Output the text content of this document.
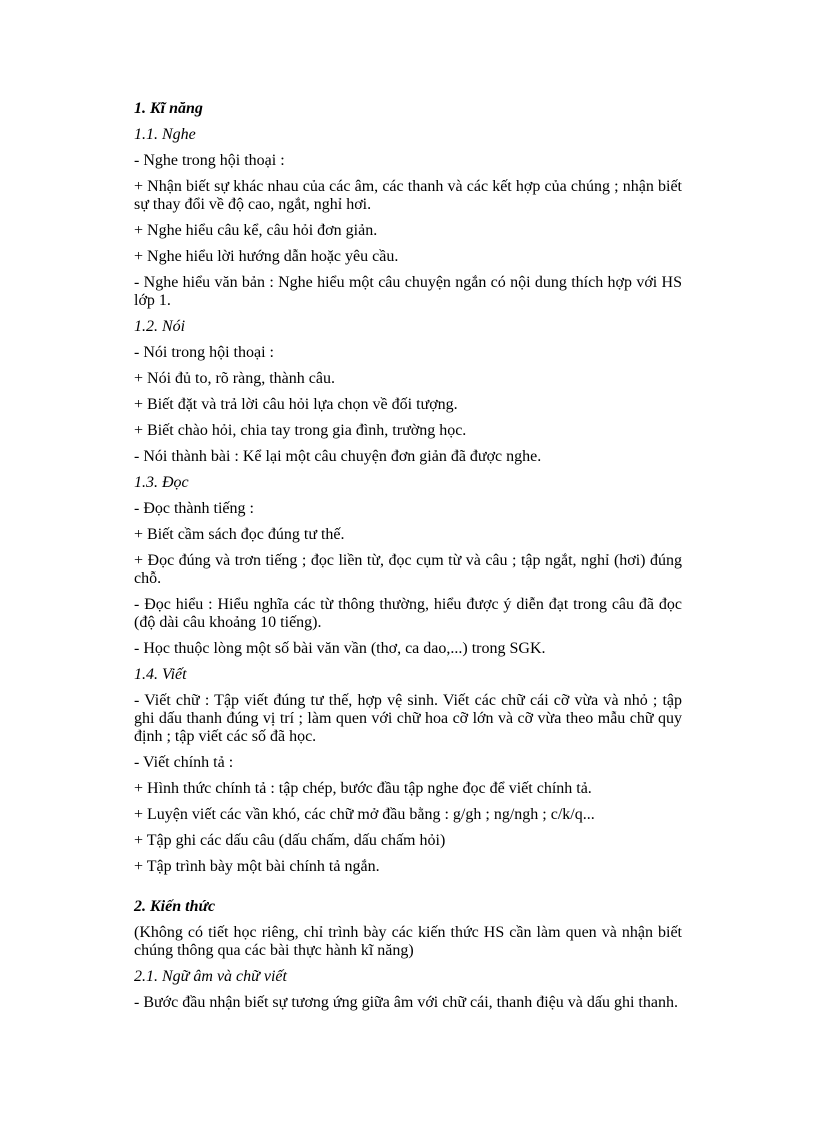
1. Kĩ năng
1.1. Nghe
- Nghe trong hội thoại :
+ Nhận biết sự khác nhau của các âm, các thanh và các kết hợp của chúng ; nhận biết sự thay đổi về độ cao, ngắt, nghỉ hơi.
+ Nghe hiểu câu kể, câu hỏi đơn giản.
+ Nghe hiểu lời hướng dẫn hoặc yêu cầu.
- Nghe hiểu văn bản : Nghe hiểu một câu chuyện ngắn có nội dung thích hợp với HS lớp 1.
1.2. Nói
- Nói trong hội thoại :
+ Nói đủ to, rõ ràng, thành câu.
+ Biết đặt và trả lời câu hỏi lựa chọn về đối tượng.
+ Biết chào hỏi, chia tay trong gia đình, trường học.
- Nói thành bài : Kể lại một câu chuyện đơn giản đã được nghe.
1.3. Đọc
- Đọc thành tiếng :
+ Biết cầm sách đọc đúng tư thế.
+ Đọc đúng và trơn tiếng ; đọc liền từ, đọc cụm từ và câu ; tập ngắt, nghỉ (hơi) đúng chỗ.
- Đọc hiểu : Hiểu nghĩa các từ thông thường, hiểu được ý diễn đạt trong câu đã đọc (độ dài câu khoảng 10 tiếng).
- Học thuộc lòng một số bài văn vần (thơ, ca dao,...) trong SGK.
1.4. Viết
- Viết chữ : Tập viết đúng tư thế, hợp vệ sinh. Viết các chữ cái cỡ vừa và nhỏ ; tập ghi dấu thanh đúng vị trí ; làm quen với chữ hoa cỡ lớn và cỡ vừa theo mẫu chữ quy định ; tập viết các số đã học.
- Viết chính tả :
+ Hình thức chính tả : tập chép, bước đầu tập nghe đọc để viết chính tả.
+ Luyện viết các vần khó, các chữ mở đầu bằng : g/gh ; ng/ngh ; c/k/q...
+ Tập ghi các dấu câu (dấu chấm, dấu chấm hỏi)
+ Tập trình bày một bài chính tả ngắn.
2. Kiến thức
(Không có tiết học riêng, chỉ trình bày các kiến thức HS cần làm quen và nhận biết chúng thông qua các bài thực hành kĩ năng)
2.1. Ngữ âm và chữ viết
- Bước đầu nhận biết sự tương ứng giữa âm với chữ cái, thanh điệu và dấu ghi thanh.
